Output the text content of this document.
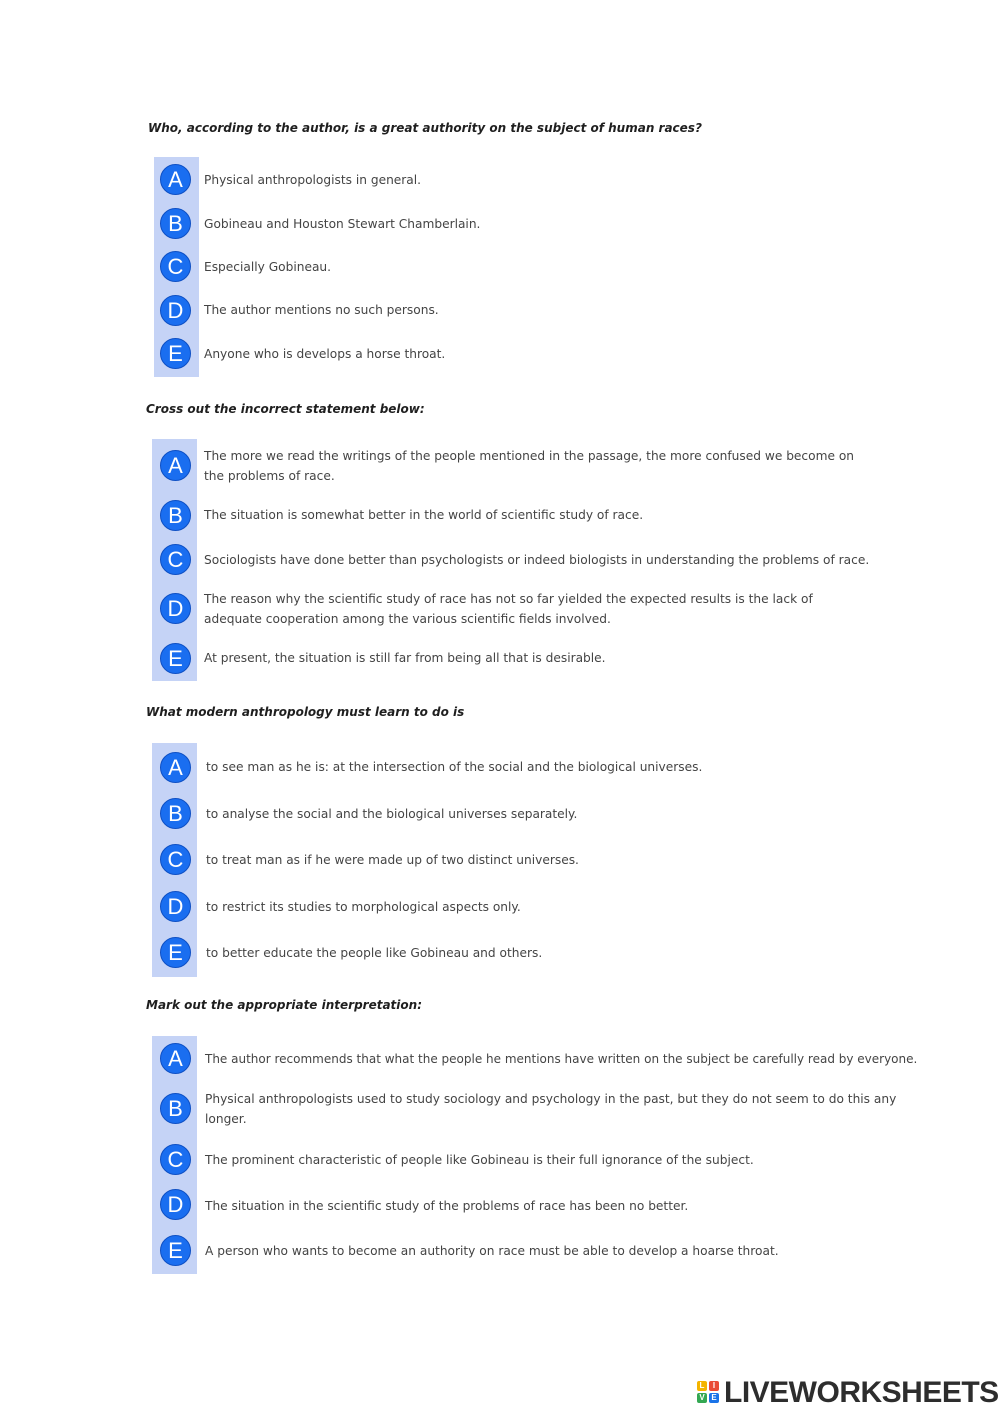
Who, according to the author, is a great authority on the subject of human races?
A	Physical anthropologists in general.
B	Gobineau and Houston Stewart Chamberlain.
C	Especially Gobineau.
D	The author mentions no such persons.
E	Anyone who is develops a horse throat.
Cross out the incorrect statement below:
A	The more we read the writings of the people mentioned in the passage, the more confused we become on the problems of race.
B	The situation is somewhat better in the world of scientific study of race.
C	Sociologists have done better than psychologists or indeed biologists in understanding the problems of race.
D	The reason why the scientific study of race has not so far yielded the expected results is the lack of adequate cooperation among the various scientific fields involved.
E	At present, the situation is still far from being all that is desirable.
What modern anthropology must learn to do is
A	to see man as he is: at the intersection of the social and the biological universes.
B	to analyse the social and the biological universes separately.
C	to treat man as if he were made up of two distinct universes.
D	to restrict its studies to morphological aspects only.
E	to better educate the people like Gobineau and others.
Mark out the appropriate interpretation:
A	The author recommends that what the people he mentions have written on the subject be carefully read by everyone.
B	Physical anthropologists used to study sociology and psychology in the past, but they do not seem to do this any longer.
C	The prominent characteristic of people like Gobineau is their full ignorance of the subject.
D	The situation in the scientific study of the problems of race has been no better.
E	A person who wants to become an authority on race must be able to develop a hoarse throat.
L	I
V E LIVEWORKSHEETS
